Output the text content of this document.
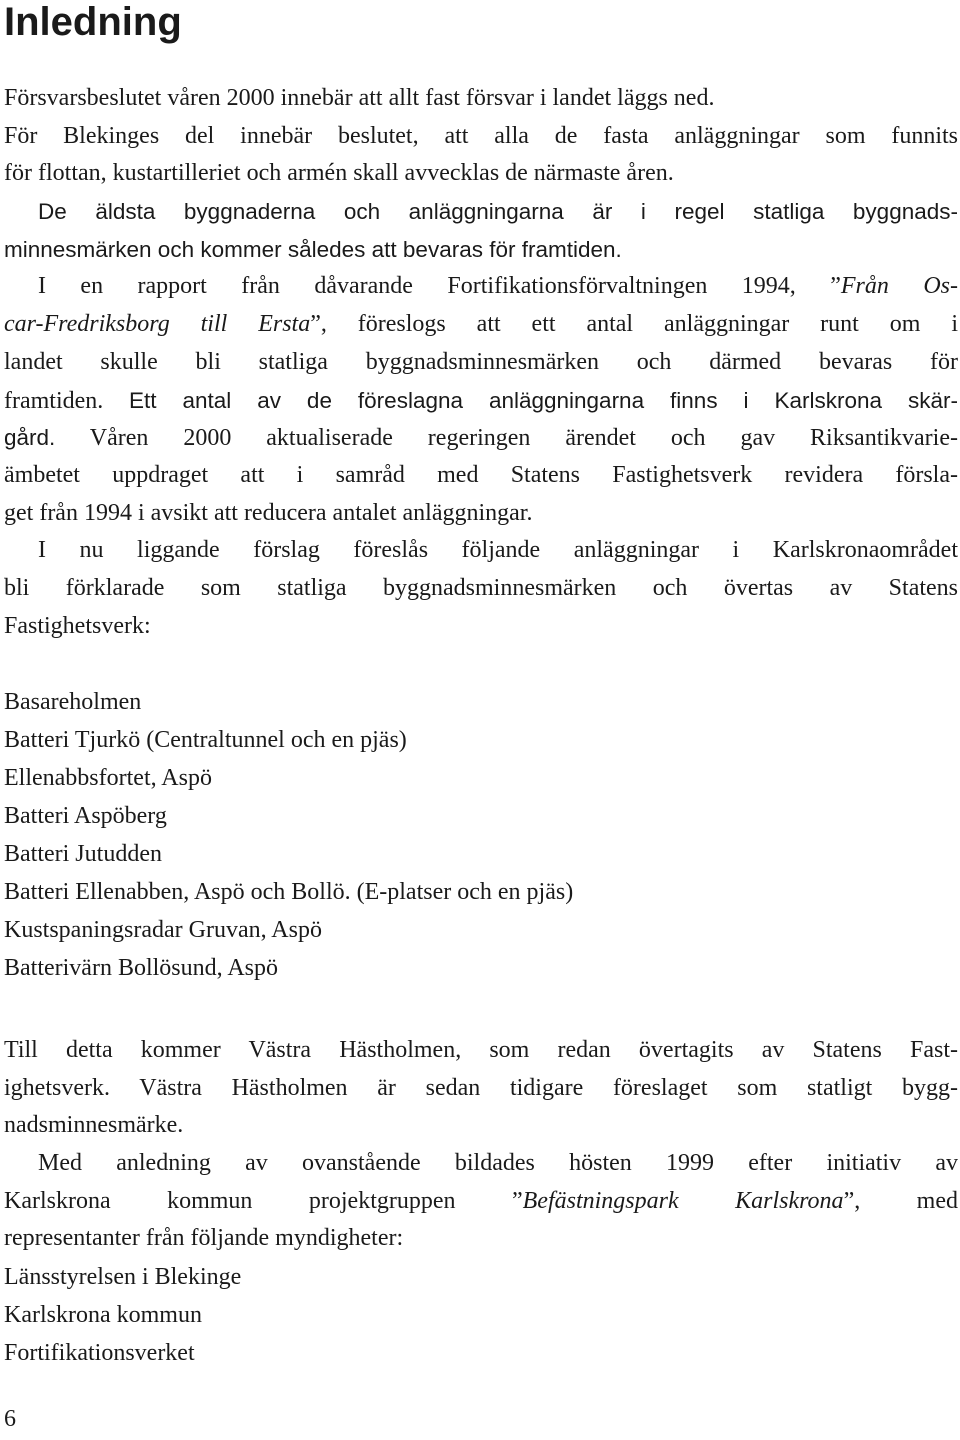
Inledning
Försvarsbeslutet våren 2000 innebär att allt fast försvar i landet läggs ned.
För Blekinges del innebär beslutet, att alla de fasta anläggningar som funnits
för flottan, kustartilleriet och armén skall avvecklas de närmaste åren.
De äldsta byggnaderna och anläggningarna är i regel statliga byggnads-
minnesmärken och kommer således att bevaras för framtiden.
I en rapport från dåvarande Fortifikationsförvaltningen 1994, ”Från Os-
car-Fredriksborg till Ersta”, föreslogs att ett antal anläggningar runt om i
landet skulle bli statliga byggnadsminnesmärken och därmed bevaras för
framtiden. Ett antal av de föreslagna anläggningarna finns i Karlskrona skär-
gård. Våren 2000 aktualiserade regeringen ärendet och gav Riksantikvarie-
ämbetet uppdraget att i samråd med Statens Fastighetsverk revidera försla-
get från 1994 i avsikt att reducera antalet anläggningar.
I nu liggande förslag föreslås följande anläggningar i Karlskronaområdet
bli förklarade som statliga byggnadsminnesmärken och övertas av Statens
Fastighetsverk:
Basareholmen
Batteri Tjurkö (Centraltunnel och en pjäs)
Ellenabbsfortet, Aspö
Batteri Aspöberg
Batteri Jutudden
Batteri Ellenabben, Aspö och Bollö. (E-platser och en pjäs)
Kustspaningsradar Gruvan, Aspö
Batterivärn Bollösund, Aspö
Till detta kommer Västra Hästholmen, som redan övertagits av Statens Fast-
ighetsverk. Västra Hästholmen är sedan tidigare föreslaget som statligt bygg-
nadsminnesmärke.
Med anledning av ovanstående bildades hösten 1999 efter initiativ av
Karlskrona kommun projektgruppen ”Befästningspark Karlskrona”, med
representanter från följande myndigheter:
Länsstyrelsen i Blekinge
Karlskrona kommun
Fortifikationsverket

6
